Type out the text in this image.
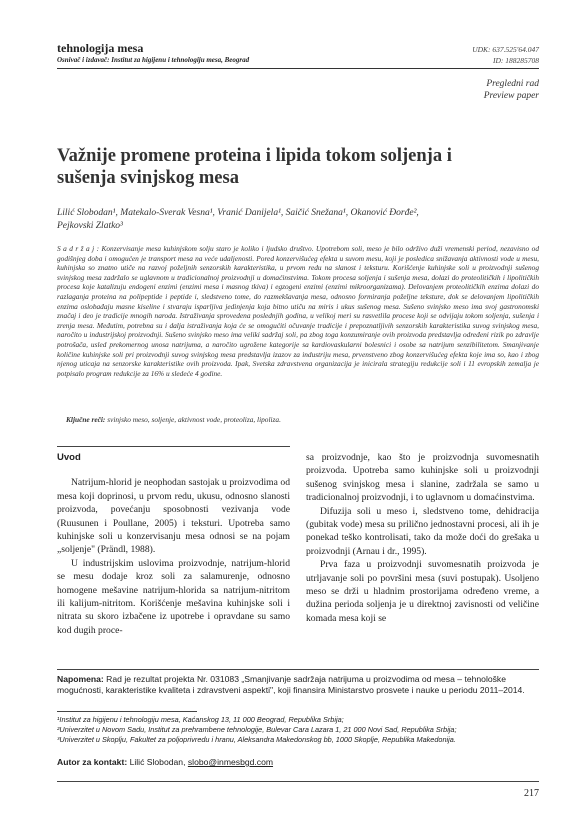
tehnologija mesa
Osnivač i izdavač: Institut za higijenu i tehnologiju mesa, Beograd
UDK: 637.525'64.047
ID: 188285708
Pregledni rad
Preview paper
Važnije promene proteina i lipida tokom soljenja i
sušenja svinjskog mesa
Lilić Slobodan¹, Matekalo-Sverak Vesna¹, Vranić Danijela¹, Saičić Snežana¹, Okanović Đorđe²,
Pejkovski Zlatko³
S a d r ž a j : Konzervisanje mesa kuhinjskom solju staro je koliko i ljudsko društvo. Upotrebom soli, meso je bilo održivo duži vremenski period, nezavisno od godišnjeg doba i omogućen je transport mesa na veće udaljenosti. Pored konzervišućeg efekta u suvom mesu, koji je posledica snižavanja aktivnosti vode u mesu, kuhinjska so znatno utiče na razvoj poželjnih senzorskih karakteristika, u prvom redu na slanost i teksturu. Korišćenje kuhinjske soli u proizvodnji sušenog svinjskog mesa zadržalo se uglavnom u tradicionalnoj proizvodnji u domaćinstvima. Tokom procesa soljenja i sušenja mesa, dolazi do proteolitičkih i lipolitičkih procesa koje katalizuju endogeni enzimi (enzimi mesa i masnog tkiva) i egzogeni enzimi (enzimi mikroorganizama). Delovanjem proteolitičkih enzima dolazi do razlaganja proteina na polipeptide i peptide i, sledstveno tome, do razmekšavanja mesa, odnosno formiranja poželjne teksture, dok se delovanjem lipolitičkih enzima oslobađaju masne kiseline i stvaraju isparljiva jedinjenja koja bitno utiču na miris i ukus sušenog mesa. Sušeno svinjsko meso ima svoj gastronomski značaj i deo je tradicije mnogih naroda. Istraživanja sprovedena poslednjih godina, u velikoj meri su rasvetlila procese koji se odvijaju tokom soljenja, sušenja i zrenja mesa. Međutim, potrebna su i dalja istraživanja koja će se omogućiti očuvanje tradicije i prepoznatljivih senzorskih karakteristika suvog svinjskog mesa, naročito u industrijskoj proizvodnji. Sušeno svinjsko meso ima veliki sadržaj soli, pa zbog toga konzumiranje ovih proizvoda predstavlja određeni rizik po zdravlje potrošača, usled prekomernog unosa natrijuma, a naročito ugrožene kategorije sa kardiovaskularni bolesnici i osobe sa natrijum senzibilitetom. Smanjivanje količine kuhinjske soli pri proizvodnji suvog svinjskog mesa predstavlja izazov za industriju mesa, prvenstveno zbog konzervišućeg efekta koje ima so, kao i zbog njenog uticaja na senzorske karakteristike ovih proizvoda. Ipak, Svetska zdravstvena organizacija je inicirala strategiju redukcije soli i 11 evropskih zemalja je potpisalo program redukcije za 16% u sledeće 4 godine.
Ključne reči: svinjsko meso, soljenje, aktivnost vode, proteoliza, lipoliza.
Uvod

Natrijum-hlorid je neophodan sastojak u proizvodima od mesa koji doprinosi, u prvom redu, ukusu, odnosno slanosti proizvoda, povećanju sposobnosti vezivanja vode (Ruusunen i Poullane, 2005) i teksturi. Upotreba samo kuhinjske soli u konzervisanju mesa odnosi se na pojam „soljenje" (Prändl, 1988).

U industrijskim uslovima proizvodnje, natrijum-hlorid se mesu dodaje kroz soli za salamurenje, odnosno homogene mešavine natrijum-hlorida sa natrijum-nitritom ili kalijum-nitritom. Korišćenje mešavina kuhinjske soli i nitrata su skoro izbačene iz upotrebe i opravdane su samo kod dugih proce-

sa proizvodnje, kao što je proizvodnja suvomesnatih proizvoda. Upotreba samo kuhinjske soli u proizvodnji sušenog svinjskog mesa i slanine, zadržala se samo u tradicionalnoj proizvodnji, i to uglavnom u domaćinstvima.

Difuzija soli u meso i, sledstveno tome, dehidracija (gubitak vode) mesa su prilično jednostavni procesi, ali ih je ponekad teško kontrolisati, tako da može doći do grešaka u proizvodnji (Arnau i dr., 1995).

Prva faza u proizvodnji suvomesnatih proizvoda je utrljavanje soli po površini mesa (suvi postupak). Usoljeno meso se drži u hladnim prostorijama određeno vreme, a dužina perioda soljenja je u direktnoj zavisnosti od veličine komada mesa koji se

Napomena: Rad je rezultat projekta Nr. 031083 „Smanjivanje sadržaja natrijuma u proizvodima od mesa – tehnološke mogućnosti, karakteristike kvaliteta i zdravstveni aspekti", koji finansira Ministarstvo prosvete i nauke u periodu 2011–2014.
¹Institut za higijenu i tehnologiju mesa, Kaćanskog 13, 11 000 Beograd, Republika Srbija;
²Univerzitet u Novom Sadu, Institut za prehrambene tehnologije, Bulevar Cara Lazara 1, 21 000 Novi Sad, Republika Srbija;
³Univerzitet u Skoplju, Fakultet za poljoprivredu i hranu, Aleksandra Makedonskog bb, 1000 Skoplje, Republika Makedonija.
Autor za kontakt: Lilić Slobodan, slobo@inmesbgd.com
217
